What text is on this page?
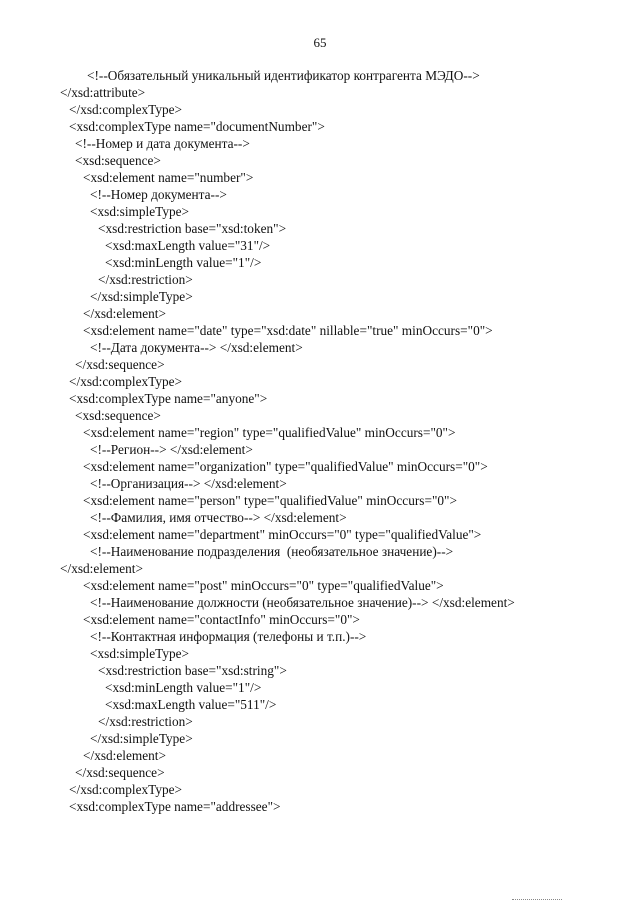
65
<!--Обязательный уникальный идентификатор контрагента МЭДО-->
</xsd:attribute>
</xsd:complexType>
<xsd:complexType name="documentNumber">
<!--Номер и дата документа-->
<xsd:sequence>
<xsd:element name="number">
<!--Номер документа-->
<xsd:simpleType>
<xsd:restriction base="xsd:token">
<xsd:maxLength value="31"/>
<xsd:minLength value="1"/>
</xsd:restriction>
</xsd:simpleType>
</xsd:element>
<xsd:element name="date" type="xsd:date" nillable="true" minOccurs="0">
<!--Дата документа--> </xsd:element>
</xsd:sequence>
</xsd:complexType>
<xsd:complexType name="anyone">
<xsd:sequence>
<xsd:element name="region" type="qualifiedValue" minOccurs="0">
<!--Регион--> </xsd:element>
<xsd:element name="organization" type="qualifiedValue" minOccurs="0">
<!--Организация--> </xsd:element>
<xsd:element name="person" type="qualifiedValue" minOccurs="0">
<!--Фамилия, имя отчество--> </xsd:element>
<xsd:element name="department" minOccurs="0" type="qualifiedValue">
<!--Наименование подразделения  (необязательное значение)-->
</xsd:element>
<xsd:element name="post" minOccurs="0" type="qualifiedValue">
<!--Наименование должности (необязательное значение)--> </xsd:element>
<xsd:element name="contactInfo" minOccurs="0">
<!--Контактная информация (телефоны и т.п.)-->
<xsd:simpleType>
<xsd:restriction base="xsd:string">
<xsd:minLength value="1"/>
<xsd:maxLength value="511"/>
</xsd:restriction>
</xsd:simpleType>
</xsd:element>
</xsd:sequence>
</xsd:complexType>
<xsd:complexType name="addressee">
